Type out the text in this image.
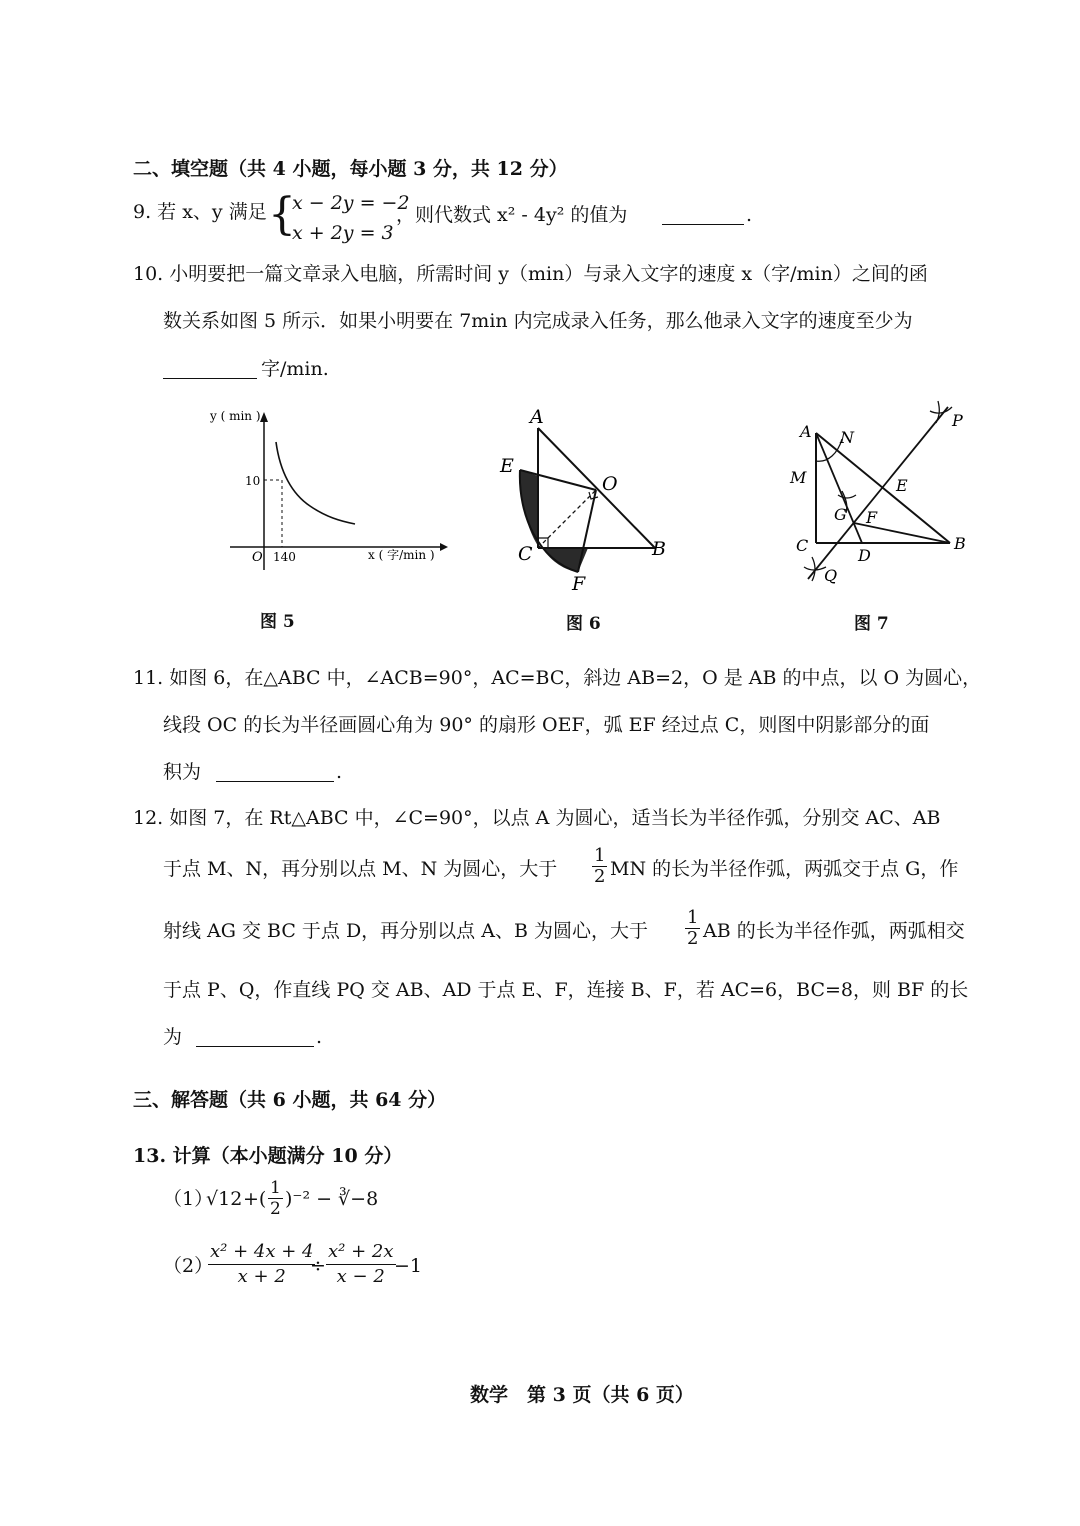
二、填空题（共 4 小题，每小题 3 分，共 12 分）
9. 若 x、y 满足 {
x − 2y = −2
x + 2y = 3
，则代数式 x² - 4y² 的值为	.
10. 小明要把一篇文章录入电脑，所需时间 y（min）与录入文字的速度 x（字/min）之间的函
数关系如图 5 所示．如果小明要在 7min 内完成录入任务，那么他录入文字的速度至少为
字/min.
y ( min )
10
O 140	x ( 字/min )
图 5
A
E
O
C	B
F
图 6
A N
M
G F
E
P
C
D
B
Q
图 7
11. 如图 6，在△ABC 中，∠ACB=90°，AC=BC，斜边 AB=2，O 是 AB 的中点，以 O 为圆心，
线段 OC 的长为半径画圆心角为 90° 的扇形 OEF，弧 EF 经过点 C，则图中阴影部分的面
积为	.
12. 如图 7，在 Rt△ABC 中，∠C=90°，以点 A 为圆心，适当长为半径作弧，分别交 AC、AB
于点 M、N，再分别以点 M、N 为圆心，大于 $\frac{1}{2}$ MN 的长为半径作弧，两弧交于点 G，作
射线 AG 交 BC 于点 D，再分别以点 A、B 为圆心，大于 $\frac{1}{2}$ AB 的长为半径作弧，两弧相交
于点 P、Q，作直线 PQ 交 AB、AD 于点 E、F，连接 B、F，若 AC=6，BC=8，则 BF 的长
为	.
三、解答题（共 6 小题，共 64 分）
13. 计算（本小题满分 10 分）
（1）
√12 +( $\frac{1}{2} )^{-2}$ − ∛−8
（2）
$\frac{\text{x² + 4x + 4}}{x + 2}$
÷ $\frac{\text{x² + 2x}}{x - 2}$
−1
数学　第 3 页（共 6 页）
